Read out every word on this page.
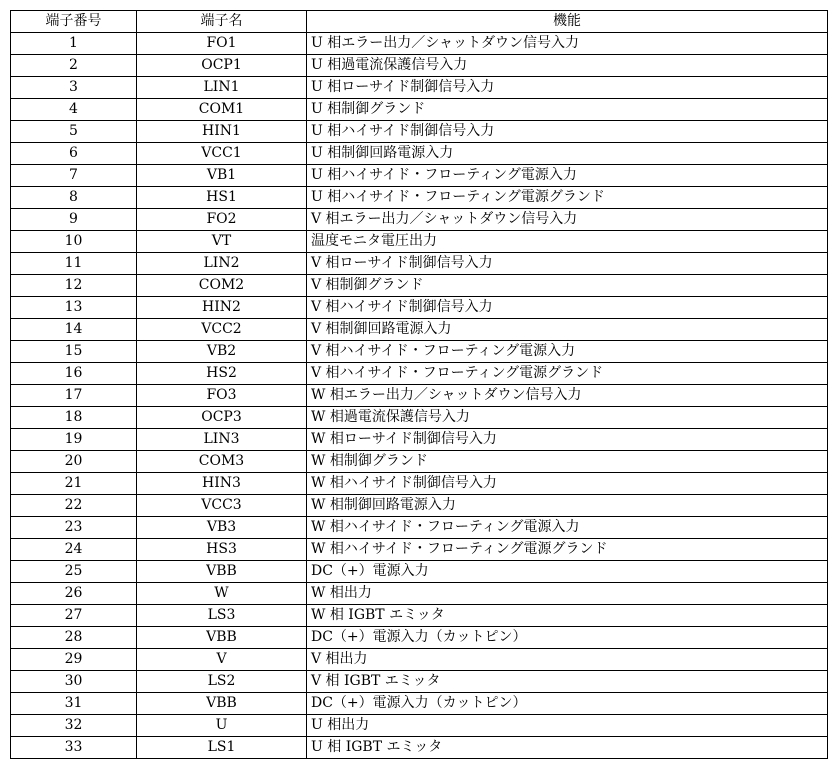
端子番号	端子名	機能
1	FO1	U 相エラー出力／シャットダウン信号入力
2	OCP1	U 相過電流保護信号入力
3	LIN1	U 相ローサイド制御信号入力
4	COM1	U 相制御グランド
5	HIN1	U 相ハイサイド制御信号入力
6	VCC1	U 相制御回路電源入力
7	VB1	U 相ハイサイド・フローティング電源入力
8	HS1	U 相ハイサイド・フローティング電源グランド
9	FO2	V 相エラー出力／シャットダウン信号入力
10	VT	温度モニタ電圧出力
11	LIN2	V 相ローサイド制御信号入力
12	COM2	V 相制御グランド
13	HIN2	V 相ハイサイド制御信号入力
14	VCC2	V 相制御回路電源入力
15	VB2	V 相ハイサイド・フローティング電源入力
16	HS2	V 相ハイサイド・フローティング電源グランド
17	FO3	W 相エラー出力／シャットダウン信号入力
18	OCP3	W 相過電流保護信号入力
19	LIN3	W 相ローサイド制御信号入力
20	COM3	W 相制御グランド
21	HIN3	W 相ハイサイド制御信号入力
22	VCC3	W 相制御回路電源入力
23	VB3	W 相ハイサイド・フローティング電源入力
24	HS3	W 相ハイサイド・フローティング電源グランド
25	VBB	DC（+）電源入力
26	W	W 相出力
27	LS3	W 相 IGBT エミッタ
28	VBB	DC（+）電源入力（カットピン）
29	V	V 相出力
30	LS2	V 相 IGBT エミッタ
31	VBB	DC（+）電源入力（カットピン）
32	U	U 相出力
33	LS1	U 相 IGBT エミッタ
